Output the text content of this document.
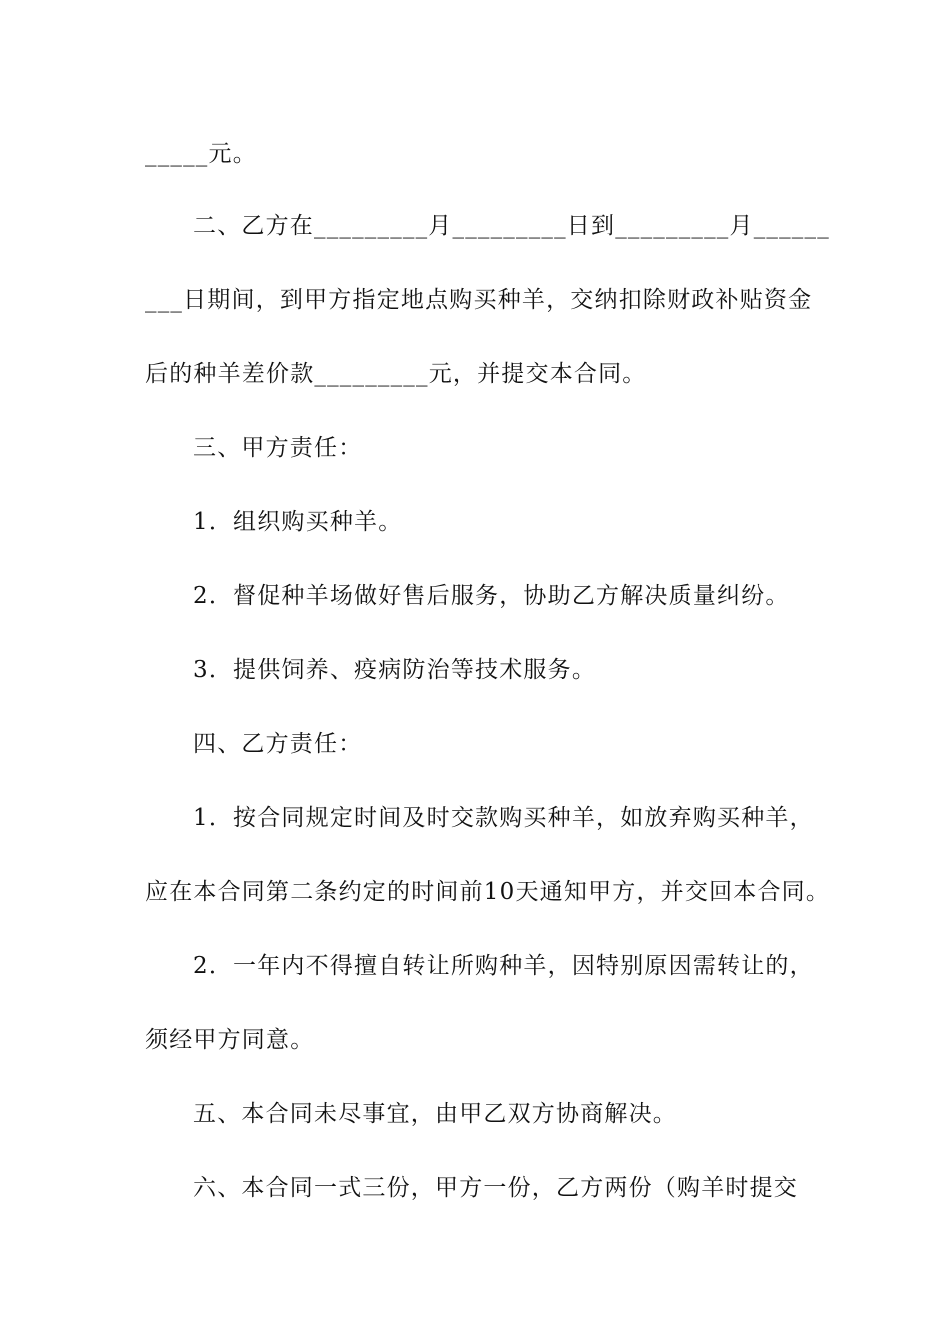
_____元。
二、乙方在_________月_________日到_________月______
___日期间，到甲方指定地点购买种羊，交纳扣除财政补贴资金
后的种羊差价款_________元，并提交本合同。
三、甲方责任：
1．组织购买种羊。
2．督促种羊场做好售后服务，协助乙方解决质量纠纷。
3．提供饲养、疫病防治等技术服务。
四、乙方责任：
1．按合同规定时间及时交款购买种羊，如放弃购买种羊，
应在本合同第二条约定的时间前10天通知甲方，并交回本合同。
2．一年内不得擅自转让所购种羊，因特别原因需转让的，
须经甲方同意。
五、本合同未尽事宜，由甲乙双方协商解决。
六、本合同一式三份，甲方一份，乙方两份（购羊时提交
